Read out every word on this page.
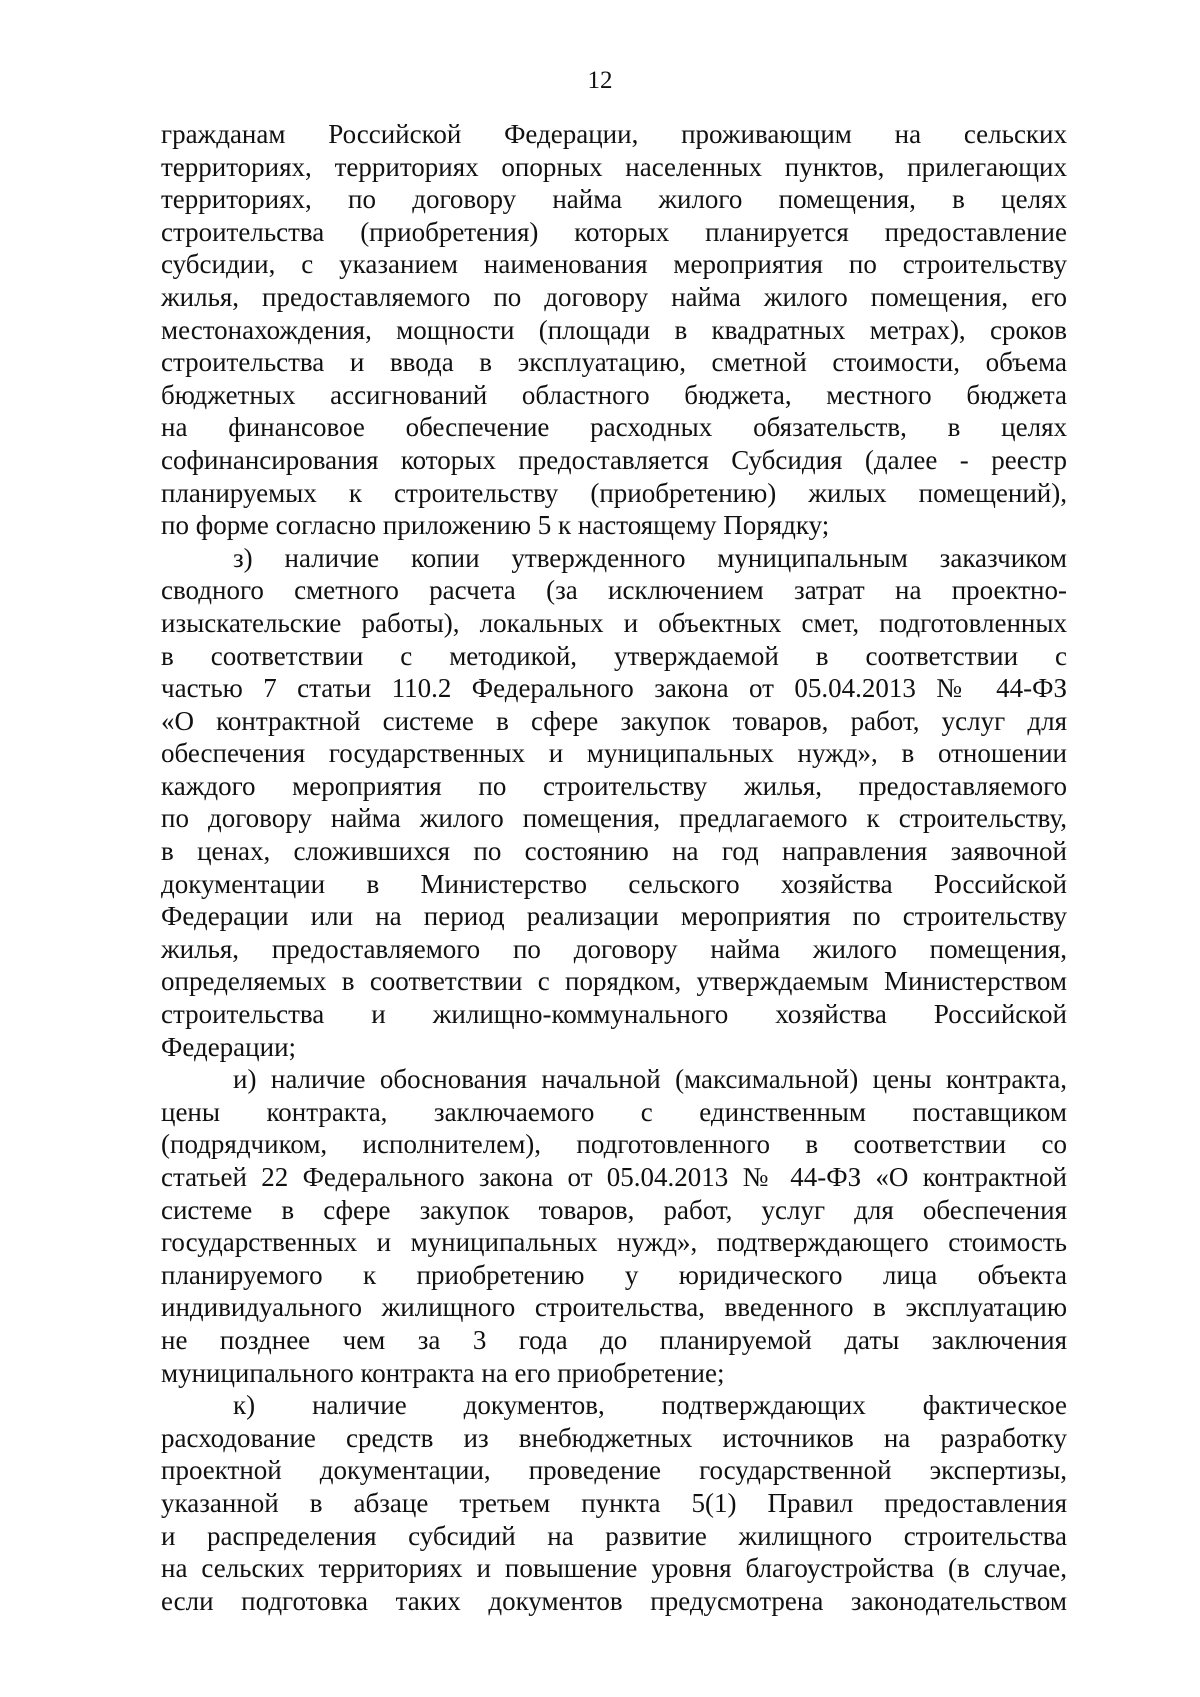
12
гражданам Российской Федерации, проживающим на сельских
территориях, территориях опорных населенных пунктов, прилегающих
территориях, по договору найма жилого помещения, в целях
строительства (приобретения) которых планируется предоставление
субсидии, с указанием наименования мероприятия по строительству
жилья, предоставляемого по договору найма жилого помещения, его
местонахождения, мощности (площади в квадратных метрах), сроков
строительства и ввода в эксплуатацию, сметной стоимости, объема
бюджетных ассигнований областного бюджета, местного бюджета
на финансовое обеспечение расходных обязательств, в целях
софинансирования которых предоставляется Субсидия (далее - реестр
планируемых к строительству (приобретению) жилых помещений),
по форме согласно приложению 5 к настоящему Порядку;
з) наличие копии утвержденного муниципальным заказчиком
сводного сметного расчета (за исключением затрат на проектно-
изыскательские работы), локальных и объектных смет, подготовленных
в соответствии с методикой, утверждаемой в соответствии с
частью 7 статьи 110.2 Федерального закона от 05.04.2013 № 44-ФЗ
«О контрактной системе в сфере закупок товаров, работ, услуг для
обеспечения государственных и муниципальных нужд», в отношении
каждого мероприятия по строительству жилья, предоставляемого
по договору найма жилого помещения, предлагаемого к строительству,
в ценах, сложившихся по состоянию на год направления заявочной
документации в Министерство сельского хозяйства Российской
Федерации или на период реализации мероприятия по строительству
жилья, предоставляемого по договору найма жилого помещения,
определяемых в соответствии с порядком, утверждаемым Министерством
строительства и жилищно-коммунального хозяйства Российской
Федерации;
и) наличие обоснования начальной (максимальной) цены контракта,
цены контракта, заключаемого с единственным поставщиком
(подрядчиком, исполнителем), подготовленного в соответствии со
статьей 22 Федерального закона от 05.04.2013 № 44-ФЗ «О контрактной
системе в сфере закупок товаров, работ, услуг для обеспечения
государственных и муниципальных нужд», подтверждающего стоимость
планируемого к приобретению у юридического лица объекта
индивидуального жилищного строительства, введенного в эксплуатацию
не позднее чем за 3 года до планируемой даты заключения
муниципального контракта на его приобретение;
к) наличие документов, подтверждающих фактическое
расходование средств из внебюджетных источников на разработку
проектной документации, проведение государственной экспертизы,
указанной в абзаце третьем пункта 5(1) Правил предоставления
и распределения субсидий на развитие жилищного строительства
на сельских территориях и повышение уровня благоустройства (в случае,
если подготовка таких документов предусмотрена законодательством
